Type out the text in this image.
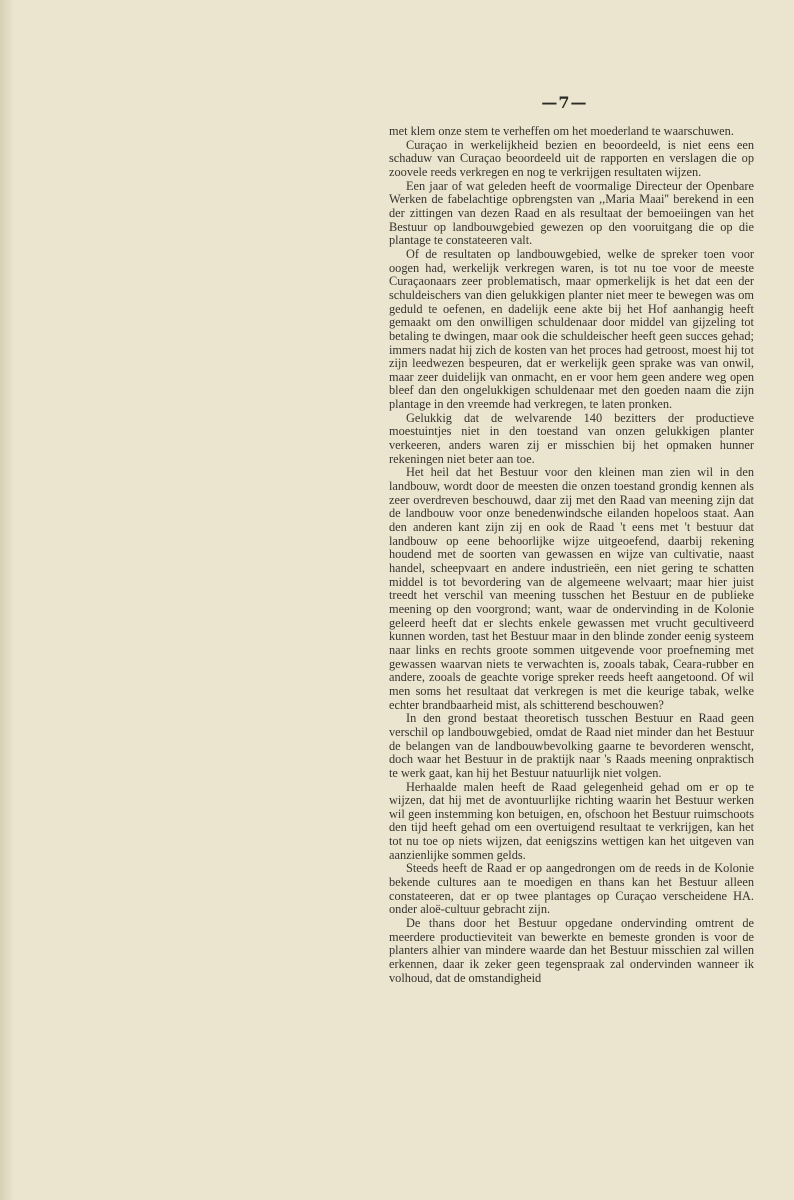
—7—

met klem onze stem te verheffen om het moederland te waarschuwen.

Curaçao in werkelijkheid bezien en beoordeeld, is niet eens een schaduw van Curaçao beoordeeld uit de rapporten en verslagen die op zoovele reeds verkregen en nog te verkrijgen resultaten wijzen.

Een jaar of wat geleden heeft de voormalige Directeur der Openbare Werken de fabelachtige opbrengsten van ,,Maria Maai'' berekend in een der zittingen van dezen Raad en als resultaat der bemoeiingen van het Bestuur op landbouwgebied gewezen op den vooruitgang die op die plantage te constateeren valt.

Of de resultaten op landbouwgebied, welke de spreker toen voor oogen had, werkelijk verkregen waren, is tot nu toe voor de meeste Curaçaonaars zeer problematisch, maar opmerkelijk is het dat een der schuldeischers van dien gelukkigen planter niet meer te bewegen was om geduld te oefenen, en dadelijk eene akte bij het Hof aanhangig heeft gemaakt om den onwilligen schuldenaar door middel van gijzeling tot betaling te dwingen, maar ook die schuldeischer heeft geen succes gehad; immers nadat hij zich de kosten van het proces had getroost, moest hij tot zijn leedwezen bespeuren, dat er werkelijk geen sprake was van onwil, maar zeer duidelijk van onmacht, en er voor hem geen andere weg open bleef dan den ongelukkigen schuldenaar met den goeden naam die zijn plantage in den vreemde had verkregen, te laten pronken.

Gelukkig dat de welvarende 140 bezitters der productieve moestuintjes niet in den toestand van onzen gelukkigen planter verkeeren, anders waren zij er misschien bij het opmaken hunner rekeningen niet beter aan toe.

Het heil dat het Bestuur voor den kleinen man zien wil in den landbouw, wordt door de meesten die onzen toestand grondig kennen als zeer overdreven beschouwd, daar zij met den Raad van meening zijn dat de landbouw voor onze benedenwindsche eilanden hopeloos staat. Aan den anderen kant zijn zij en ook de Raad 't eens met 't bestuur dat landbouw op eene behoorlijke wijze uitgeoefend, daarbij rekening houdend met de soorten van gewassen en wijze van cultivatie, naast handel, scheepvaart en andere industrieën, een niet gering te schatten middel is tot bevordering van de algemeene welvaart; maar hier juist treedt het verschil van meening tusschen het Bestuur en de publieke meening op den voorgrond; want, waar de ondervinding in de Kolonie geleerd heeft dat er slechts enkele gewassen met vrucht gecultiveerd kunnen worden, tast het Bestuur maar in den blinde zonder eenig systeem naar links en rechts groote sommen uitgevende voor proefneming met gewassen waarvan niets te verwachten is, zooals tabak, Ceara-rubber en andere, zooals de geachte vorige spreker reeds heeft aangetoond. Of wil men soms het resultaat dat verkregen is met die keurige tabak, welke echter brandbaarheid mist, als schitterend beschouwen?

In den grond bestaat theoretisch tusschen Bestuur en Raad geen verschil op landbouwgebied, omdat de Raad niet minder dan het Bestuur de belangen van de landbouwbevolking gaarne te bevorderen wenscht, doch waar het Bestuur in de praktijk naar 's Raads meening onpraktisch te werk gaat, kan hij het Bestuur natuurlijk niet volgen.

Herhaalde malen heeft de Raad gelegenheid gehad om er op te wijzen, dat hij met de avontuurlijke richting waarin het Bestuur werken wil geen instemming kon betuigen, en, ofschoon het Bestuur ruimschoots den tijd heeft gehad om een overtuigend resultaat te verkrijgen, kan het tot nu toe op niets wijzen, dat eenigszins wettigen kan het uitgeven van aanzienlijke sommen gelds.

Steeds heeft de Raad er op aangedrongen om de reeds in de Kolonie bekende cultures aan te moedigen en thans kan het Bestuur alleen constateeren, dat er op twee plantages op Curaçao verscheidene HA. onder aloë-cultuur gebracht zijn.

De thans door het Bestuur opgedane ondervinding omtrent de meerdere productieviteit van bewerkte en bemeste gronden is voor de planters alhier van mindere waarde dan het Bestuur misschien zal willen erkennen, daar ik zeker geen tegenspraak zal ondervinden wanneer ik volhoud, dat de omstandigheid
